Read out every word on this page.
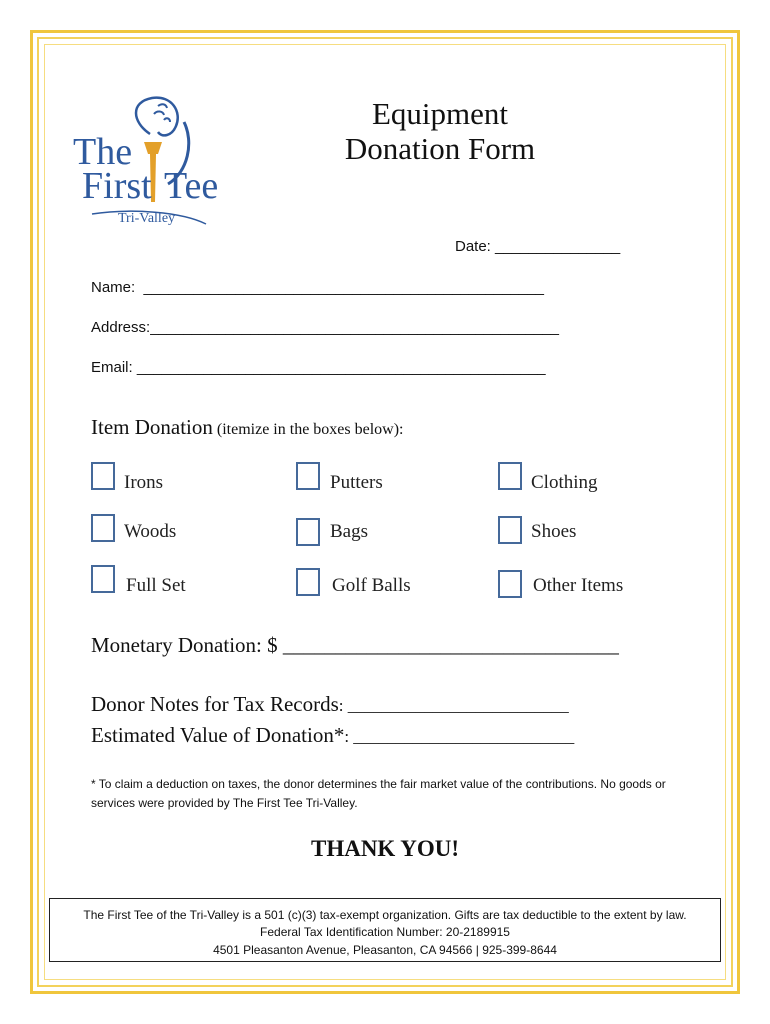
The
First Tee
Tri-Valley
Equipment
Donation Form
Date: _______________
Name:  ________________________________________________
Address:_________________________________________________
Email: _________________________________________________
Item Donation (itemize in the boxes below):
Irons	Putters	Clothing
Woods	Bags	Shoes
Full Set	Golf Balls	Other Items
Monetary Donation: $ ________________________________
Donor Notes for Tax Records: __________________________
Estimated Value of Donation*: __________________________
* To claim a deduction on taxes, the donor determines the fair market value of the contributions. No goods or services were provided by The First Tee Tri-Valley.
THANK YOU!
The First Tee of the Tri-Valley is a 501 (c)(3) tax-exempt organization. Gifts are tax deductible to the extent by law.
Federal Tax Identification Number: 20-2189915
4501 Pleasanton Avenue, Pleasanton, CA 94566 | 925-399-8644
